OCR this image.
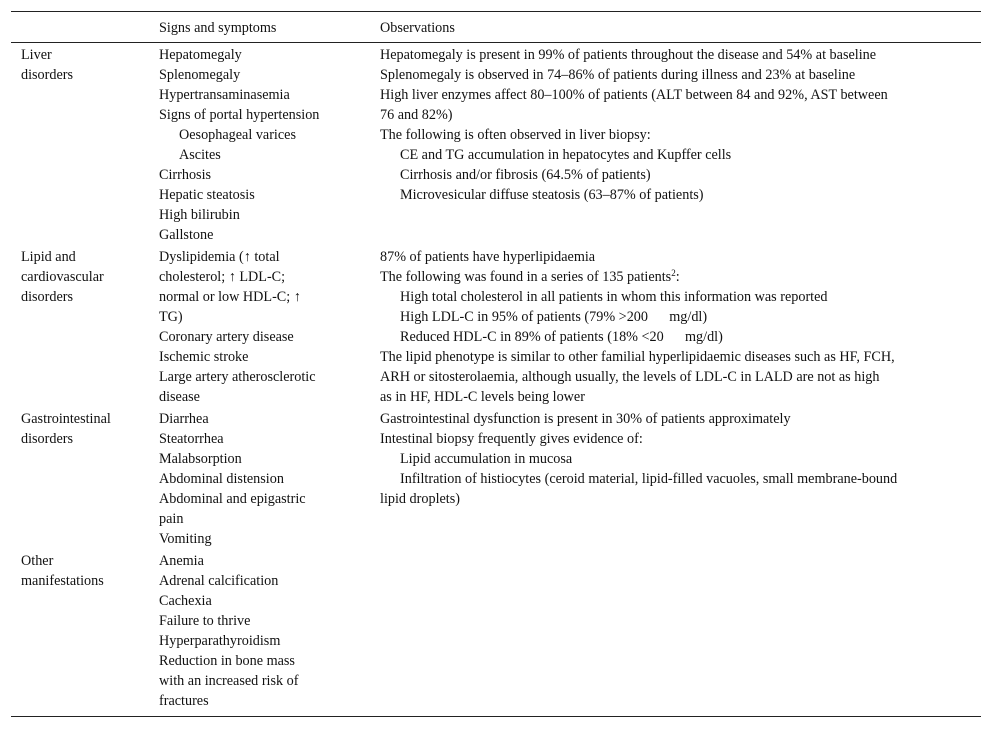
Signs and symptoms	Observations
Liver
disorders
Hepatomegaly
Splenomegaly
Hypertransaminasemia
Signs of portal hypertension
Oesophageal varices
Ascites
Cirrhosis
Hepatic steatosis
High bilirubin
Gallstone
Hepatomegaly is present in 99% of patients throughout the disease and 54% at baseline
Splenomegaly is observed in 74–86% of patients during illness and 23% at baseline
High liver enzymes affect 80–100% of patients (ALT between 84 and 92%, AST between
76 and 82%)
The following is often observed in liver biopsy:
CE and TG accumulation in hepatocytes and Kupffer cells
Cirrhosis and/or fibrosis (64.5% of patients)
Microvesicular diffuse steatosis (63–87% of patients)
Lipid and
cardiovascular
disorders
Dyslipidemia (↑ total
cholesterol; ↑ LDL-C;
normal or low HDL-C; ↑
TG)
Coronary artery disease
Ischemic stroke
Large artery atherosclerotic
disease
87% of patients have hyperlipidaemia
The following was found in a series of 135 patients$^2$:
High total cholesterol in all patients in whom this information was reported
High LDL-C in 95% of patients (79% >200  mg/dl)
Reduced HDL-C in 89% of patients (18% <20  mg/dl)
The lipid phenotype is similar to other familial hyperlipidaemic diseases such as HF, FCH,
ARH or sitosterolaemia, although usually, the levels of LDL-C in LALD are not as high
as in HF, HDL-C levels being lower
Gastrointestinal
disorders
Diarrhea
Steatorrhea
Malabsorption
Abdominal distension
Abdominal and epigastric
pain
Vomiting
Gastrointestinal dysfunction is present in 30% of patients approximately
Intestinal biopsy frequently gives evidence of:
Lipid accumulation in mucosa
Infiltration of histiocytes (ceroid material, lipid-filled vacuoles, small membrane-bound
lipid droplets)
Other
manifestations
Anemia
Adrenal calcification
Cachexia
Failure to thrive
Hyperparathyroidism
Reduction in bone mass
with an increased risk of
fractures
